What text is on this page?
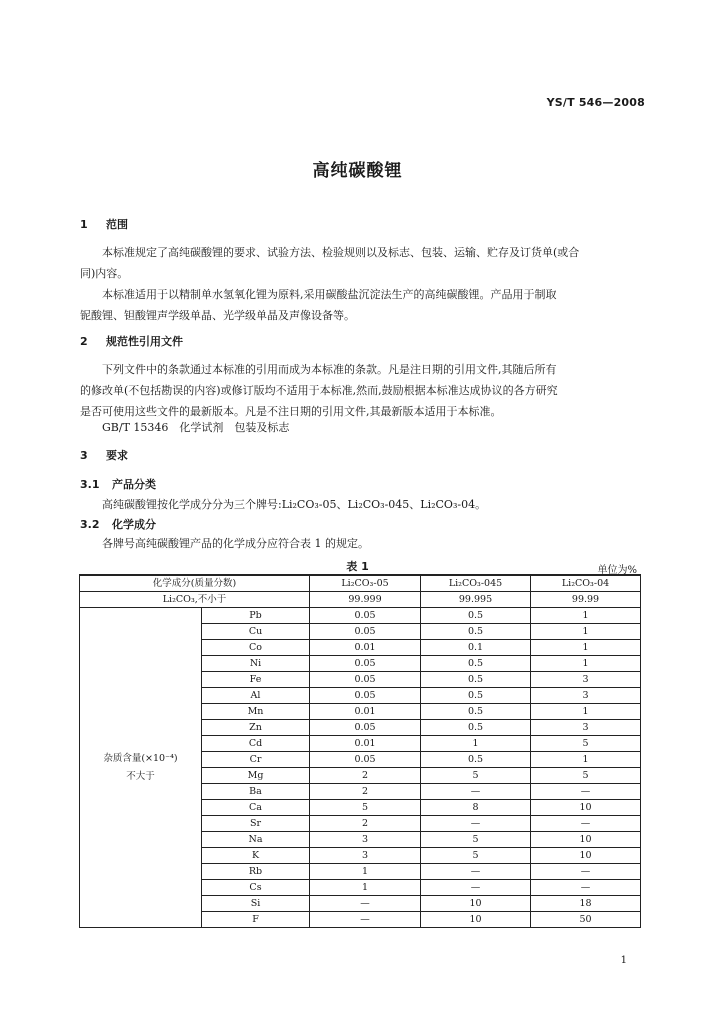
YS/T 546—2008
高纯碳酸锂
1 范围
本标准规定了高纯碳酸锂的要求、试验方法、检验规则以及标志、包装、运输、贮存及订货单(或合
同)内容。
本标准适用于以精制单水氢氧化锂为原料,采用碳酸盐沉淀法生产的高纯碳酸锂。产品用于制取
铌酸锂、钽酸锂声学级单晶、光学级单晶及声像设备等。
2 规范性引用文件
下列文件中的条款通过本标准的引用而成为本标准的条款。凡是注日期的引用文件,其随后所有
的修改单(不包括勘误的内容)或修订版均不适用于本标准,然而,鼓励根据本标准达成协议的各方研究
是否可使用这些文件的最新版本。凡是不注日期的引用文件,其最新版本适用于本标准。
GB/T 15346　化学试剂　包装及标志
3 要求
3.1 产品分类
高纯碳酸锂按化学成分分为三个牌号:Li₂CO₃-05、Li₂CO₃-045、Li₂CO₃-04。
3.2 化学成分
各牌号高纯碳酸锂产品的化学成分应符合表 1 的规定。
表 1	单位为%
化学成分(质量分数)		Li₂CO₃-05	Li₂CO₃-045	Li₂CO₃-04
Li₂CO₃,不小于		99.999	99.995	99.99

杂质含量(×10⁻⁴)
不大于	Pb	0.05	0.5	1
	Cu	0.05	0.5	1
	Co	0.01	0.1	1
	Ni	0.05	0.5	1
	Fe	0.05	0.5	3
	Al	0.05	0.5	3
	Mn	0.01	0.5	1
	Zn	0.05	0.5	3
	Cd	0.01	1	5
	Cr	0.05	0.5	1
	Mg	2	5	5
	Ba	2	—	—
	Ca	5	8	10
	Sr	2	—	—
	Na	3	5	10
	K	3	5	10
	Rb	1	—	—
	Cs	1	—	—
	Si	—	10	18
	F	—	10	50
1
